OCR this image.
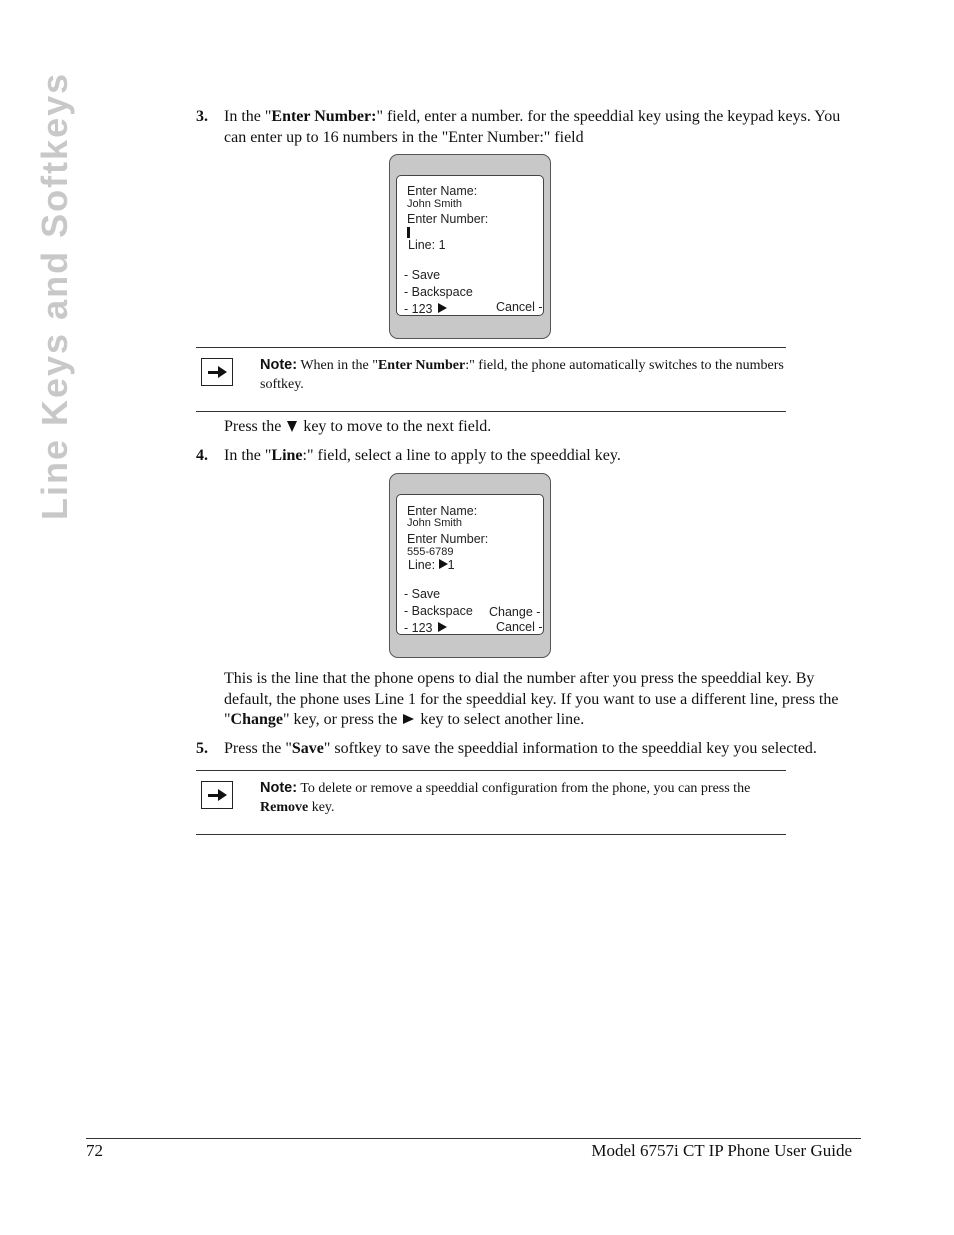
Line Keys and Softkeys	3. In the "Enter Number:" field, enter a number. for the speeddial key using the keypad keys. You can enter up to 16 numbers in the "Enter Number:" field
Enter Name:
John Smith
Enter Number:
Line: 1
- Save
- Backspace
- 123	Cancel -
Note: When in the "Enter Number:" field, the phone automatically switches to the numbers softkey.
Press the key to move to the next field.
4. In the "Line:" field, select a line to apply to the speeddial key.
Enter Name:
John Smith
Enter Number:
555-6789
Line: 1
- Save
- Backspace
- 123
Change -
Cancel -
This is the line that the phone opens to dial the number after you press the speeddial key. By default, the phone uses Line 1 for the speeddial key. If you want to use a different line, press the "Change" key, or press the key to select another line.
5. Press the "Save" softkey to save the speeddial information to the speeddial key you selected.
Note: To delete or remove a speeddial configuration from the phone, you can press the Remove key.
72	Model 6757i CT IP Phone User Guide
